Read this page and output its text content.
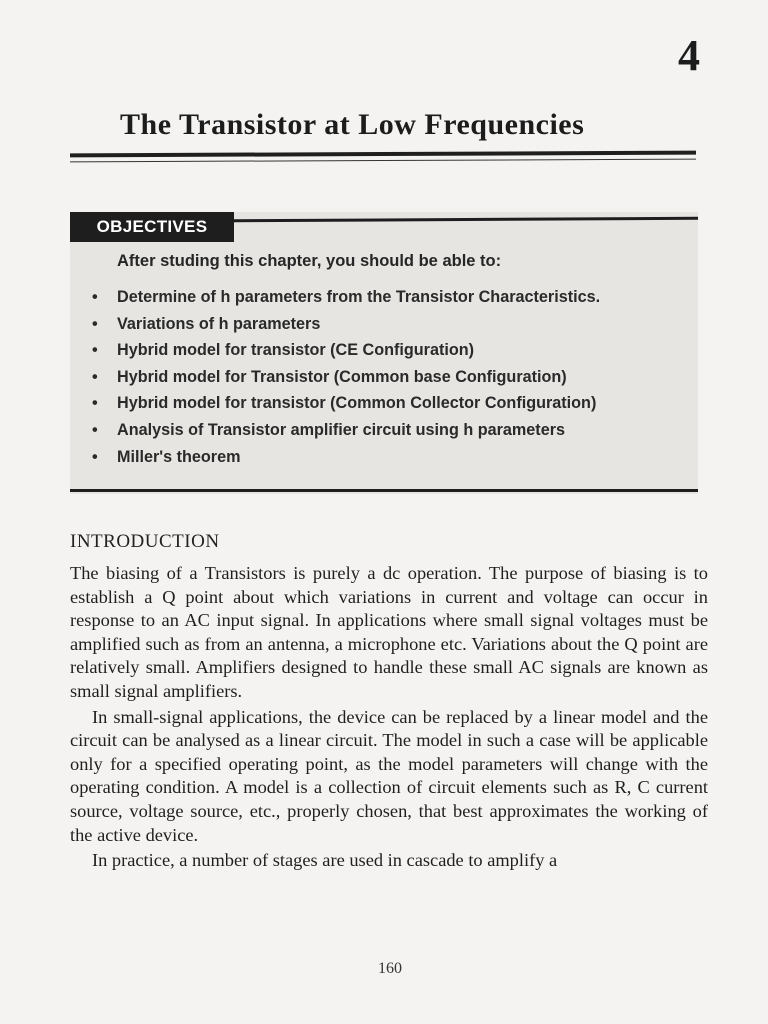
4
The Transistor at Low Frequencies
OBJECTIVES
After studing this chapter, you should be able to:
• Determine of h parameters from the Transistor Characteristics.
• Variations of h parameters
• Hybrid model for transistor (CE Configuration)
• Hybrid model for Transistor (Common base Configuration)
• Hybrid model for transistor (Common Collector Configuration)
• Analysis of Transistor amplifier circuit using h parameters
• Miller's theorem
INTRODUCTION

The biasing of a Transistors is purely a dc operation. The purpose of biasing is to establish a Q point about which variations in current and voltage can occur in response to an AC input signal. In applications where small signal voltages must be amplified such as from an antenna, a microphone etc. Variations about the Q point are relatively small. Amplifiers designed to handle these small AC signals are known as small signal amplifiers.

In small-signal applications, the device can be replaced by a linear model and the circuit can be analysed as a linear circuit. The model in such a case will be applicable only for a specified operating point, as the model parameters will change with the operating condition. A model is a collection of circuit elements such as R, C current source, voltage source, etc., properly chosen, that best approximates the working of the active device.

In practice, a number of stages are used in cascade to amplify a

160
